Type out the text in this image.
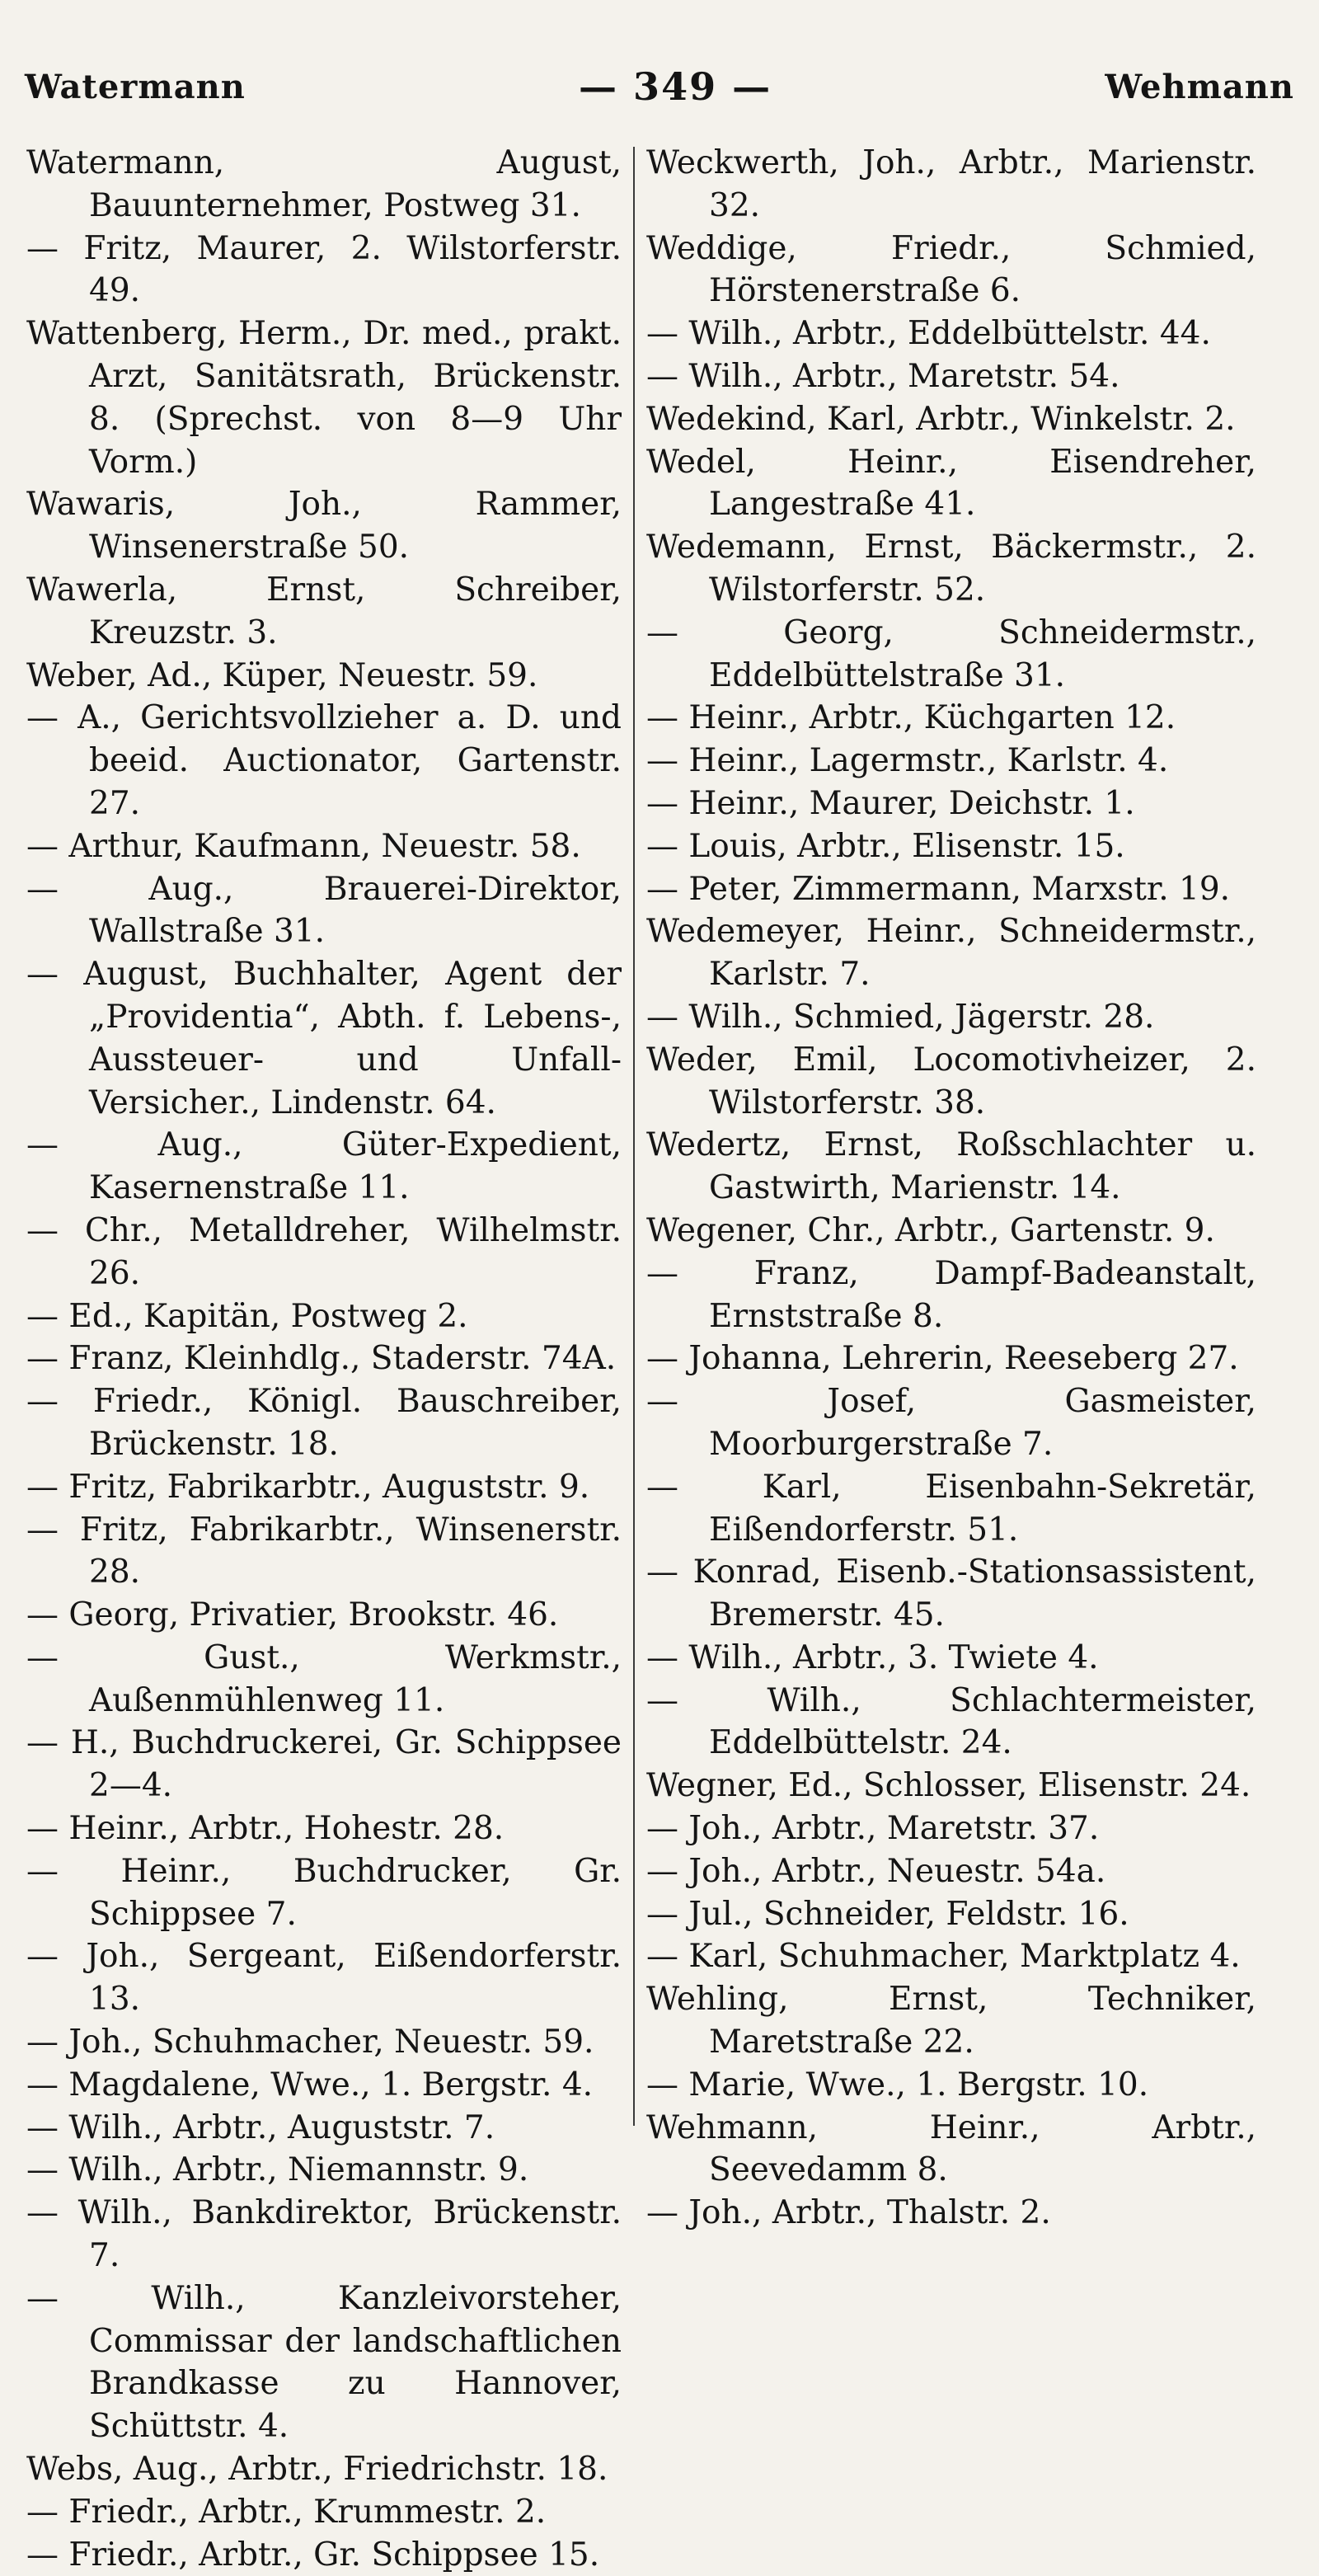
Watermann	— 349 —	Wehmann
Watermann, August, Bauunternehmer, Postweg 31.
— Fritz, Maurer, 2. Wilstorferstr. 49.
Wattenberg, Herm., Dr. med., prakt. Arzt, Sanitätsrath, Brückenstr. 8. (Sprechst. von 8—9 Uhr Vorm.)
Wawaris, Joh., Rammer, Winsenerstraße 50.
Wawerla, Ernst, Schreiber, Kreuzstr. 3.
Weber, Ad., Küper, Neuestr. 59.
— A., Gerichtsvollzieher a. D. und beeid. Auctionator, Gartenstr. 27.
— Arthur, Kaufmann, Neuestr. 58.
— Aug., Brauerei-Direktor, Wallstraße 31.
— August, Buchhalter, Agent der „Providentia“, Abth. f. Lebens-, Aussteuer- und Unfall-Versicher., Lindenstr. 64.
— Aug., Güter-Expedient, Kasernenstraße 11.
— Chr., Metalldreher, Wilhelmstr. 26.
— Ed., Kapitän, Postweg 2.
— Franz, Kleinhdlg., Staderstr. 74A.
— Friedr., Königl. Bauschreiber, Brückenstr. 18.
— Fritz, Fabrikarbtr., Auguststr. 9.
— Fritz, Fabrikarbtr., Winsenerstr. 28.
— Georg, Privatier, Brookstr. 46.
— Gust., Werkmstr., Außenmühlenweg 11.
— H., Buchdruckerei, Gr. Schippsee 2—4.
— Heinr., Arbtr., Hohestr. 28.
— Heinr., Buchdrucker, Gr. Schippsee 7.
— Joh., Sergeant, Eißendorferstr. 13.
— Joh., Schuhmacher, Neuestr. 59.
— Magdalene, Wwe., 1. Bergstr. 4.
— Wilh., Arbtr., Auguststr. 7.
— Wilh., Arbtr., Niemannstr. 9.
— Wilh., Bankdirektor, Brückenstr. 7.
— Wilh., Kanzleivorsteher, Commissar der landschaftlichen Brandkasse zu Hannover, Schüttstr. 4.
Webs, Aug., Arbtr., Friedrichstr. 18.
— Friedr., Arbtr., Krummestr. 2.
— Friedr., Arbtr., Gr. Schippsee 15.
Weckwerth, Joh., Arbtr., Marienstr. 32.
Weddige, Friedr., Schmied, Hörstenerstraße 6.
— Wilh., Arbtr., Eddelbüttelstr. 44.
— Wilh., Arbtr., Maretstr. 54.
Wedekind, Karl, Arbtr., Winkelstr. 2.
Wedel, Heinr., Eisendreher, Langestraße 41.
Wedemann, Ernst, Bäckermstr., 2. Wilstorferstr. 52.
— Georg, Schneidermstr., Eddelbüttelstraße 31.
— Heinr., Arbtr., Küchgarten 12.
— Heinr., Lagermstr., Karlstr. 4.
— Heinr., Maurer, Deichstr. 1.
— Louis, Arbtr., Elisenstr. 15.
— Peter, Zimmermann, Marxstr. 19.
Wedemeyer, Heinr., Schneidermstr., Karlstr. 7.
— Wilh., Schmied, Jägerstr. 28.
Weder, Emil, Locomotivheizer, 2. Wilstorferstr. 38.
Wedertz, Ernst, Roßschlachter u. Gastwirth, Marienstr. 14.
Wegener, Chr., Arbtr., Gartenstr. 9.
— Franz, Dampf-Badeanstalt, Ernststraße 8.
— Johanna, Lehrerin, Reeseberg 27.
— Josef, Gasmeister, Moorburgerstraße 7.
— Karl, Eisenbahn-Sekretär, Eißendorferstr. 51.
— Konrad, Eisenb.-Stationsassistent, Bremerstr. 45.
— Wilh., Arbtr., 3. Twiete 4.
— Wilh., Schlachtermeister, Eddelbüttelstr. 24.
Wegner, Ed., Schlosser, Elisenstr. 24.
— Joh., Arbtr., Maretstr. 37.
— Joh., Arbtr., Neuestr. 54a.
— Jul., Schneider, Feldstr. 16.
— Karl, Schuhmacher, Marktplatz 4.
Wehling, Ernst, Techniker, Maretstraße 22.
— Marie, Wwe., 1. Bergstr. 10.
Wehmann, Heinr., Arbtr., Seevedamm 8.
— Joh., Arbtr., Thalstr. 2.
